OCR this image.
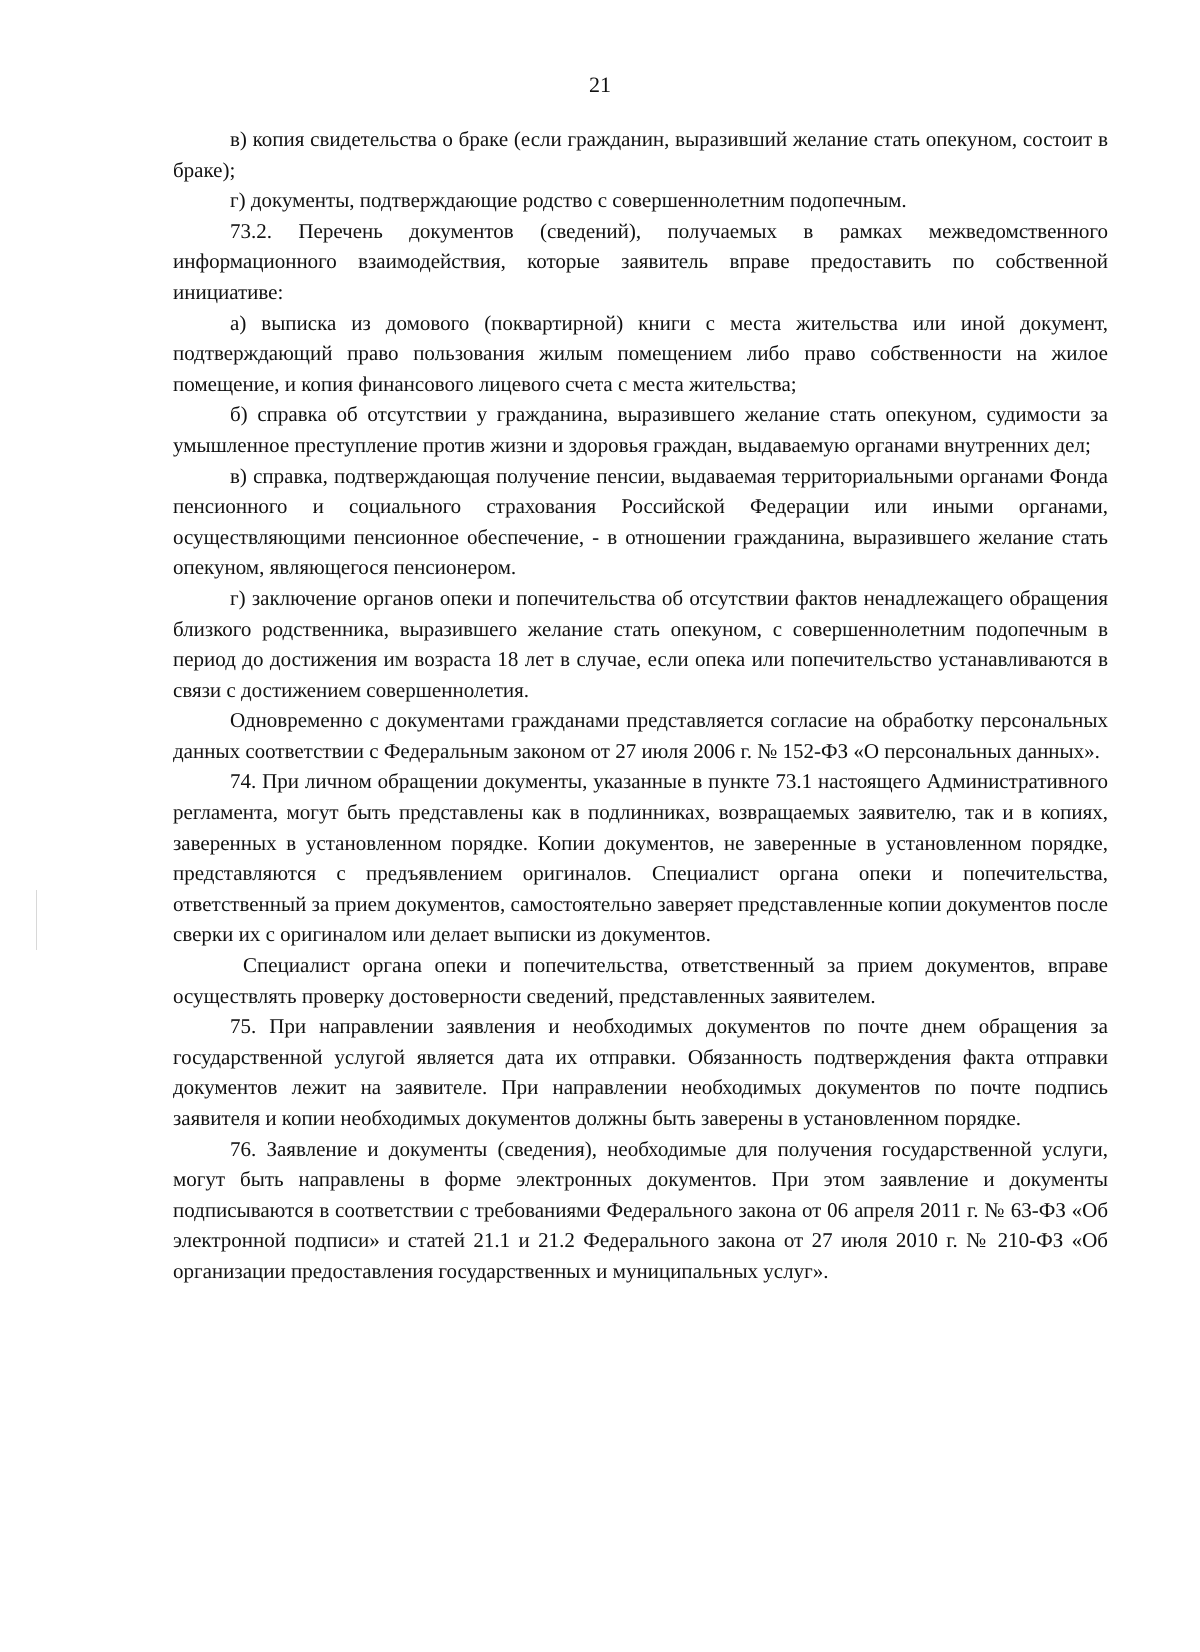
21

в) копия свидетельства о браке (если гражданин, выразивший желание стать опекуном, состоит в браке);

г) документы, подтверждающие родство с совершеннолетним подопечным.

73.2. Перечень документов (сведений), получаемых в рамках межведомственного информационного взаимодействия, которые заявитель вправе предоставить по собственной инициативе:

а) выписка из домового (поквартирной) книги с места жительства или иной документ, подтверждающий право пользования жилым помещением либо право собственности на жилое помещение, и копия финансового лицевого счета с места жительства;

б) справка об отсутствии у гражданина, выразившего желание стать опекуном, судимости за умышленное преступление против жизни и здоровья граждан, выдаваемую органами внутренних дел;

в) справка, подтверждающая получение пенсии, выдаваемая территориальными органами Фонда пенсионного и социального страхования Российской Федерации или иными органами, осуществляющими пенсионное обеспечение, - в отношении гражданина, выразившего желание стать опекуном, являющегося пенсионером.

г) заключение органов опеки и попечительства об отсутствии фактов ненадлежащего обращения близкого родственника, выразившего желание стать опекуном, с совершеннолетним подопечным в период до достижения им возраста 18 лет в случае, если опека или попечительство устанавливаются в связи с достижением совершеннолетия.

Одновременно с документами гражданами представляется согласие на обработку персональных данных соответствии с Федеральным законом от 27 июля 2006 г. № 152-ФЗ «О персональных данных».

74. При личном обращении документы, указанные в пункте 73.1 настоящего Административного регламента, могут быть представлены как в подлинниках, возвращаемых заявителю, так и в копиях, заверенных в установленном порядке. Копии документов, не заверенные в установленном порядке, представляются с предъявлением оригиналов. Специалист органа опеки и попечительства, ответственный за прием документов, самостоятельно заверяет представленные копии документов после сверки их с оригиналом или делает выписки из документов.

Специалист органа опеки и попечительства, ответственный за прием документов, вправе осуществлять проверку достоверности сведений, представленных заявителем.

75. При направлении заявления и необходимых документов по почте днем обращения за государственной услугой является дата их отправки. Обязанность подтверждения факта отправки документов лежит на заявителе. При направлении необходимых документов по почте подпись заявителя и копии необходимых документов должны быть заверены в установленном порядке.

76. Заявление и документы (сведения), необходимые для получения государственной услуги, могут быть направлены в форме электронных документов. При этом заявление и документы подписываются в соответствии с требованиями Федерального закона от 06 апреля 2011 г. № 63-ФЗ «Об электронной подписи» и статей 21.1 и 21.2 Федерального закона от 27 июля 2010 г. № 210-ФЗ «Об организации предоставления государственных и муниципальных услуг».
